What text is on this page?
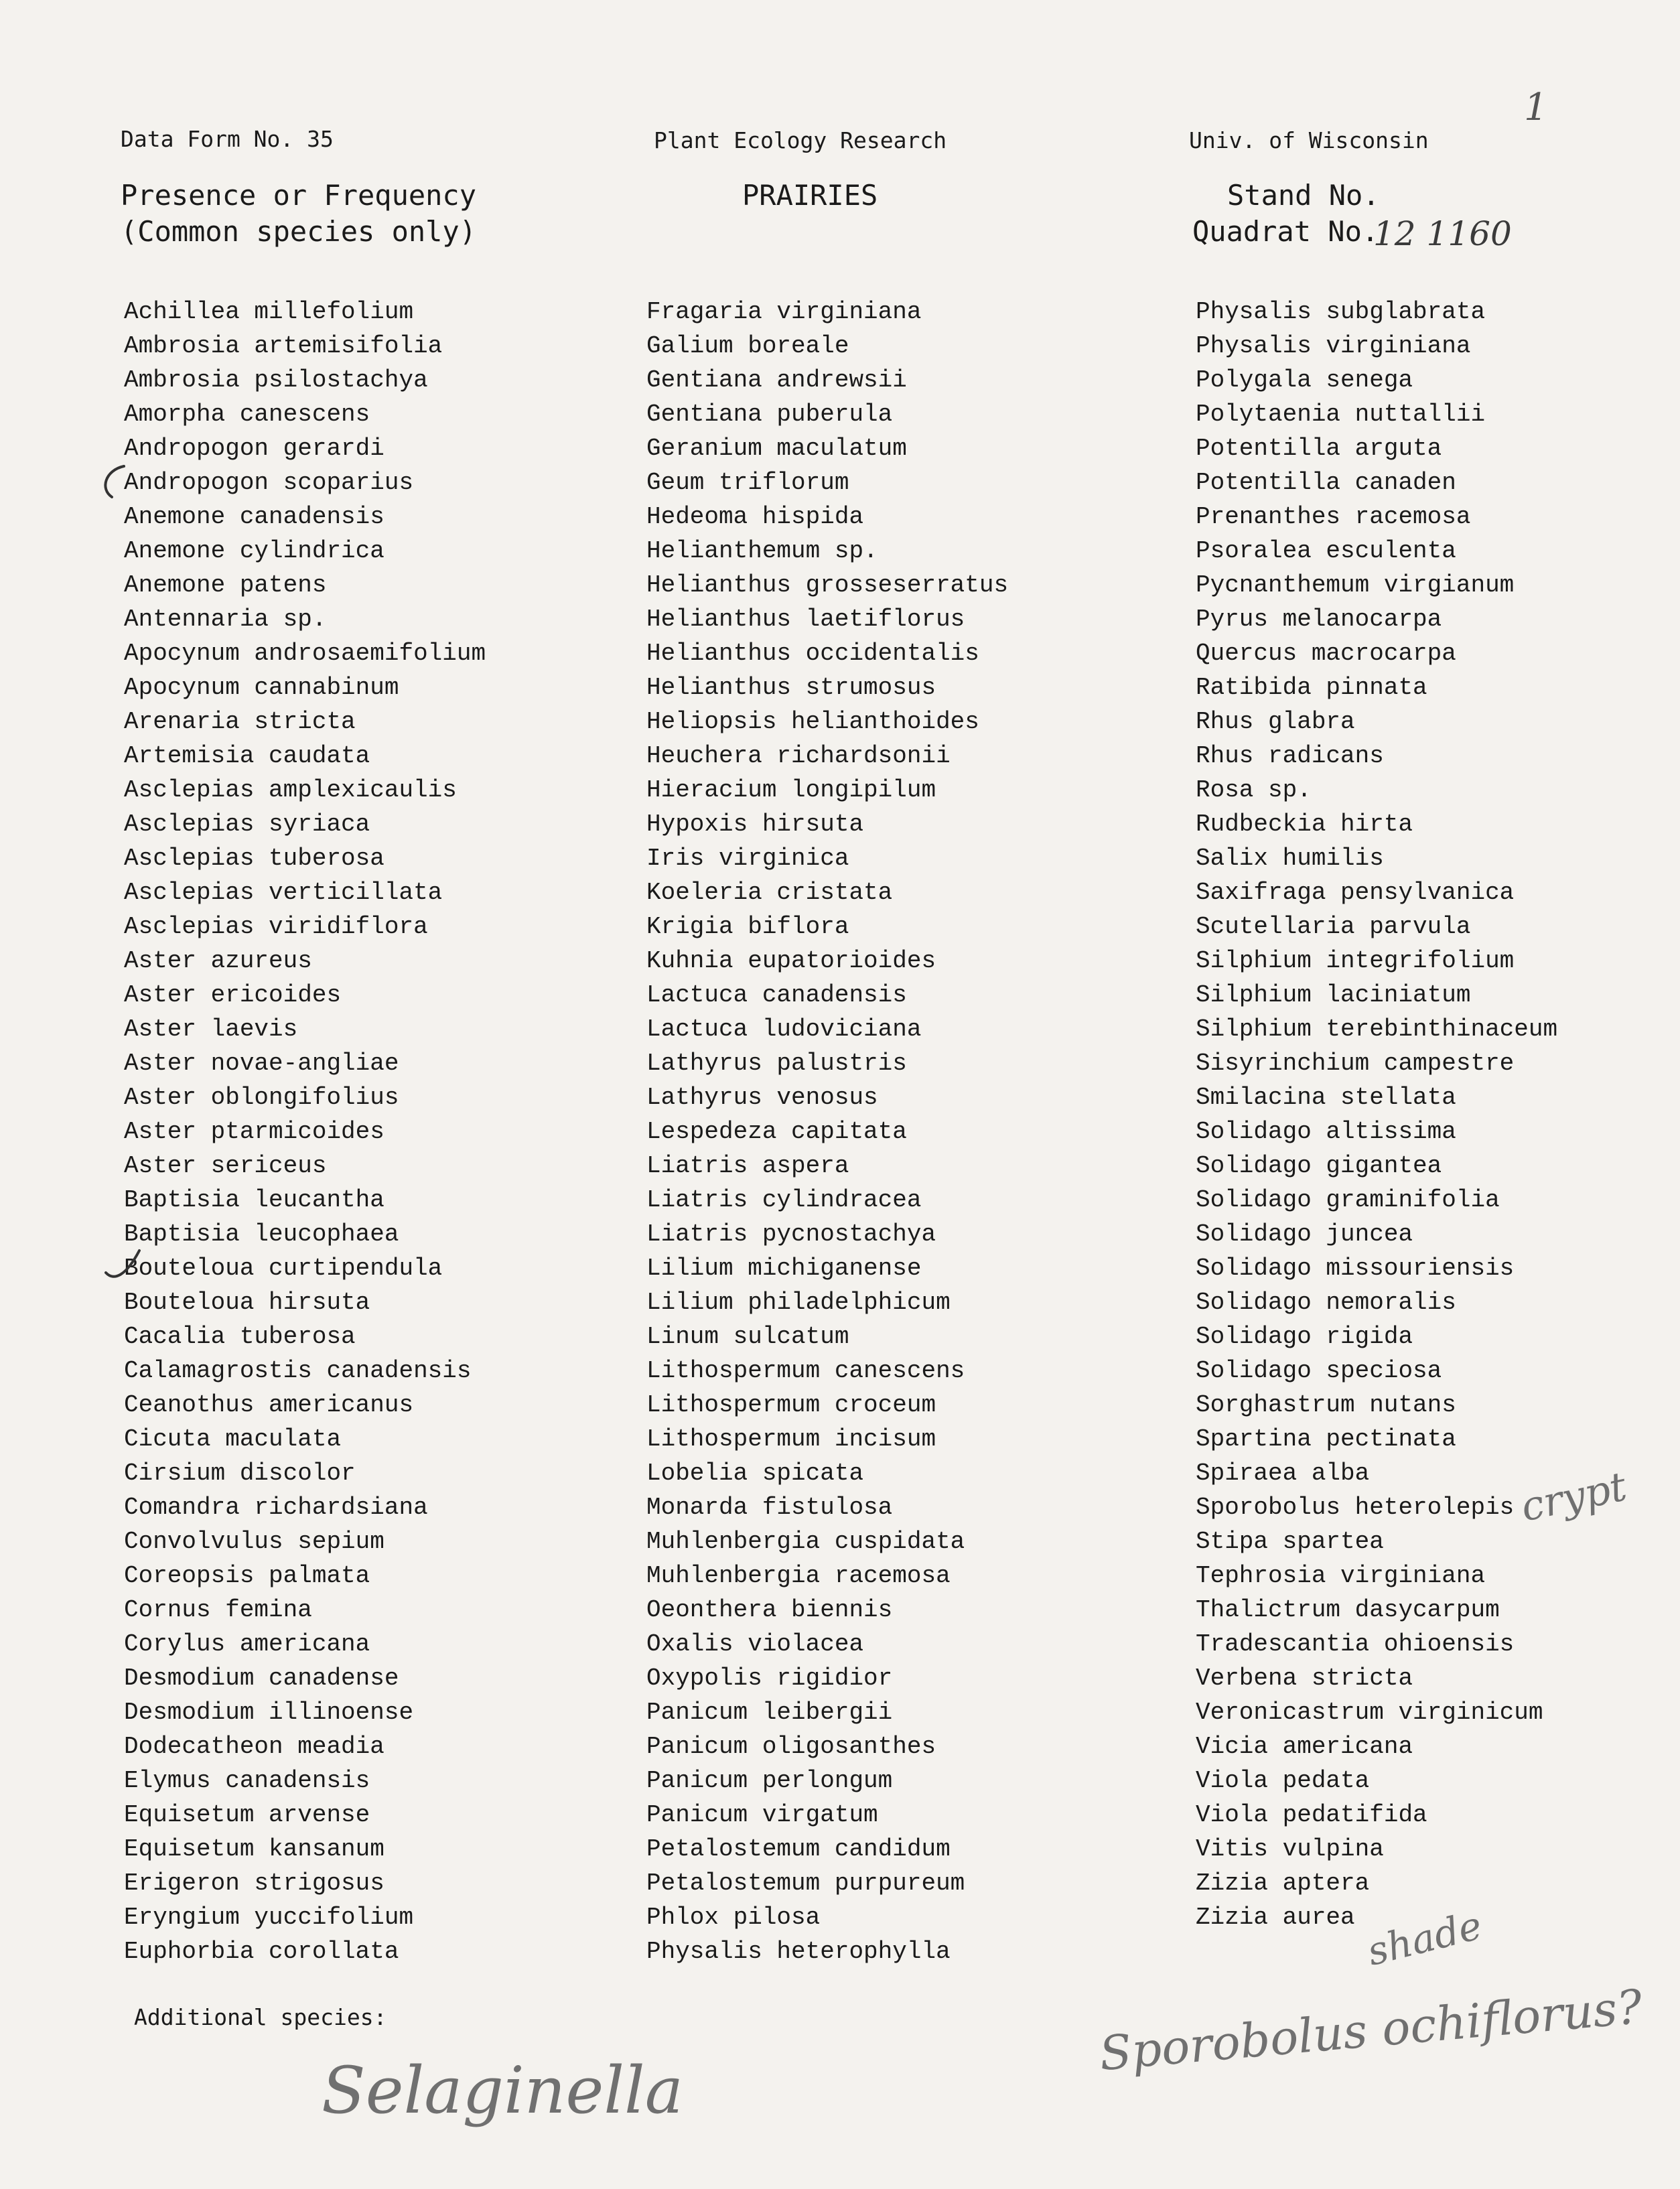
Data Form No. 35	Plant Ecology Research	Univ. of Wisconsin
Presence or Frequency
(Common species only)
PRAIRIES	Stand No.
Quadrat No.
12 1160
1
Achillea millefolium
Ambrosia artemisifolia
Ambrosia psilostachya
Amorpha canescens
Andropogon gerardi
Andropogon scoparius
Anemone canadensis
Anemone cylindrica
Anemone patens
Antennaria sp.
Apocynum androsaemifolium
Apocynum cannabinum
Arenaria stricta
Artemisia caudata
Asclepias amplexicaulis
Asclepias syriaca
Asclepias tuberosa
Asclepias verticillata
Asclepias viridiflora
Aster azureus
Aster ericoides
Aster laevis
Aster novae-angliae
Aster oblongifolius
Aster ptarmicoides
Aster sericeus
Baptisia leucantha
Baptisia leucophaea
Bouteloua curtipendula
Bouteloua hirsuta
Cacalia tuberosa
Calamagrostis canadensis
Ceanothus americanus
Cicuta maculata
Cirsium discolor
Comandra richardsiana
Convolvulus sepium
Coreopsis palmata
Cornus femina
Corylus americana
Desmodium canadense
Desmodium illinoense
Dodecatheon meadia
Elymus canadensis
Equisetum arvense
Equisetum kansanum
Erigeron strigosus
Eryngium yuccifolium
Euphorbia corollata
Fragaria virginiana
Galium boreale
Gentiana andrewsii
Gentiana puberula
Geranium maculatum
Geum triflorum
Hedeoma hispida
Helianthemum sp.
Helianthus grosseserratus
Helianthus laetiflorus
Helianthus occidentalis
Helianthus strumosus
Heliopsis helianthoides
Heuchera richardsonii
Hieracium longipilum
Hypoxis hirsuta
Iris virginica
Koeleria cristata
Krigia biflora
Kuhnia eupatorioides
Lactuca canadensis
Lactuca ludoviciana
Lathyrus palustris
Lathyrus venosus
Lespedeza capitata
Liatris aspera
Liatris cylindracea
Liatris pycnostachya
Lilium michiganense
Lilium philadelphicum
Linum sulcatum
Lithospermum canescens
Lithospermum croceum
Lithospermum incisum
Lobelia spicata
Monarda fistulosa
Muhlenbergia cuspidata
Muhlenbergia racemosa
Oeonthera biennis
Oxalis violacea
Oxypolis rigidior
Panicum leibergii
Panicum oligosanthes
Panicum perlongum
Panicum virgatum
Petalostemum candidum
Petalostemum purpureum
Phlox pilosa
Physalis heterophylla
Physalis subglabrata
Physalis virginiana
Polygala senega
Polytaenia nuttallii
Potentilla arguta
Potentilla canaden
Prenanthes racemosa
Psoralea esculenta
Pycnanthemum virgianum
Pyrus melanocarpa
Quercus macrocarpa
Ratibida pinnata
Rhus glabra
Rhus radicans
Rosa sp.
Rudbeckia hirta
Salix humilis
Saxifraga pensylvanica
Scutellaria parvula
Silphium integrifolium
Silphium laciniatum
Silphium terebinthinaceum
Sisyrinchium campestre
Smilacina stellata
Solidago altissima
Solidago gigantea
Solidago graminifolia
Solidago juncea
Solidago missouriensis
Solidago nemoralis
Solidago rigida
Solidago speciosa
Sorghastrum nutans
Spartina pectinata
Spiraea alba
Sporobolus heterolepis
Stipa spartea
Tephrosia virginiana
Thalictrum dasycarpum
Tradescantia ohioensis
Verbena stricta
Veronicastrum virginicum
Vicia americana
Viola pedata
Viola pedatifida
Vitis vulpina
Zizia aptera
Zizia aurea
Additional species:
Selaginella
shade
Sporobolus ochiflorus?
crypt
